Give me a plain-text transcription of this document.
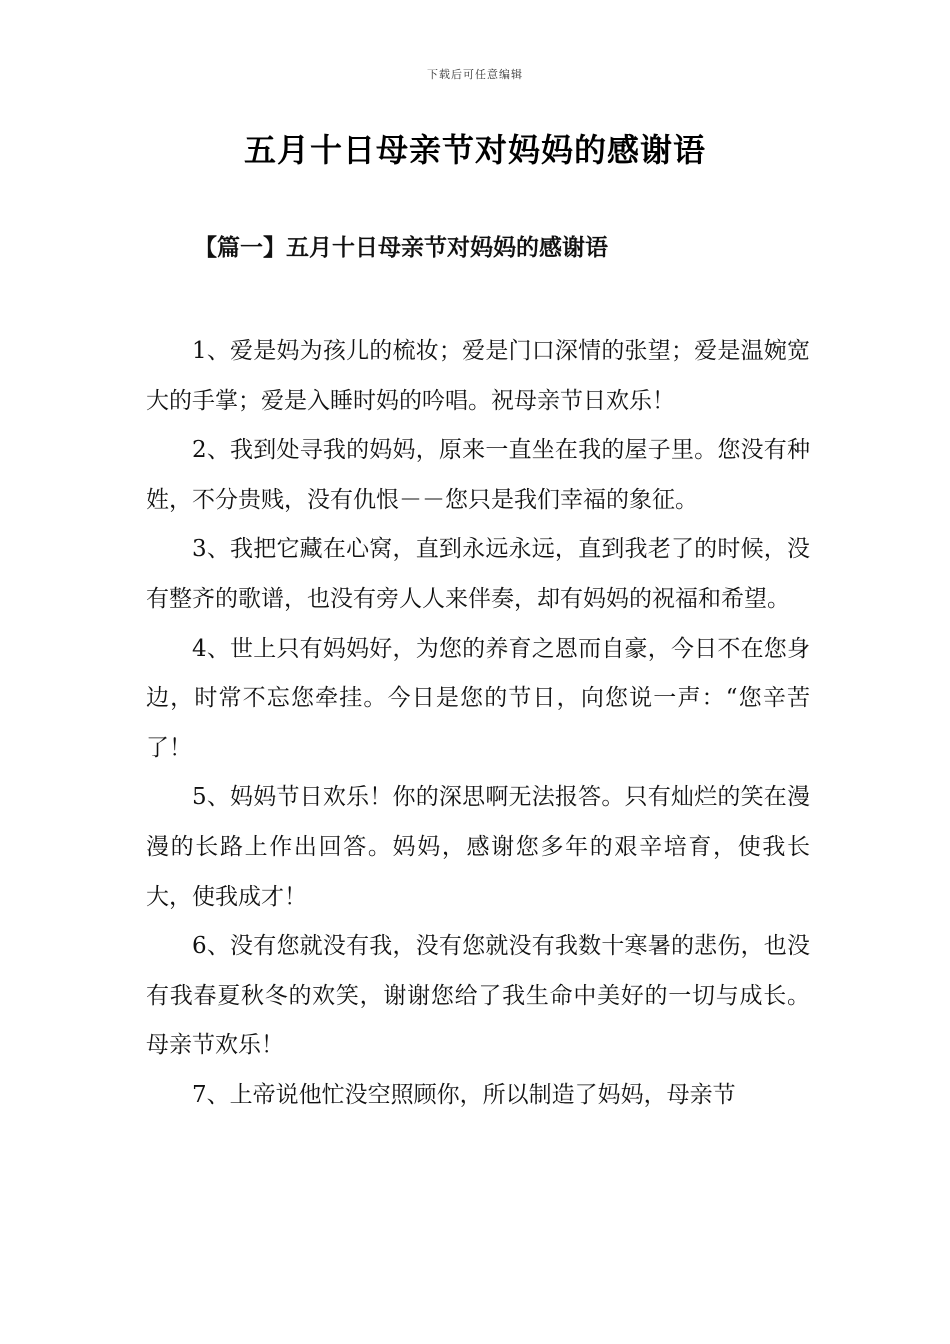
下载后可任意编辑
五月十日母亲节对妈妈的感谢语
【篇一】五月十日母亲节对妈妈的感谢语

1、爱是妈为孩儿的梳妆；爱是门口深情的张望；爱是温婉宽大的手掌；爱是入睡时妈的吟唱。祝母亲节日欢乐！

2、我到处寻我的妈妈，原来一直坐在我的屋子里。您没有种姓，不分贵贱，没有仇恨－－您只是我们幸福的象征。

3、我把它藏在心窝，直到永远永远，直到我老了的时候，没有整齐的歌谱，也没有旁人人来伴奏，却有妈妈的祝福和希望。

4、世上只有妈妈好，为您的养育之恩而自豪，今日不在您身边，时常不忘您牵挂。今日是您的节日，向您说一声：“您辛苦了！

5、妈妈节日欢乐！你的深思啊无法报答。只有灿烂的笑在漫漫的长路上作出回答。妈妈，感谢您多年的艰辛培育，使我长大，使我成才！

6、没有您就没有我，没有您就没有我数十寒暑的悲伤，也没有我春夏秋冬的欢笑，谢谢您给了我生命中美好的一切与成长。母亲节欢乐！

7、上帝说他忙没空照顾你，所以制造了妈妈，母亲节
